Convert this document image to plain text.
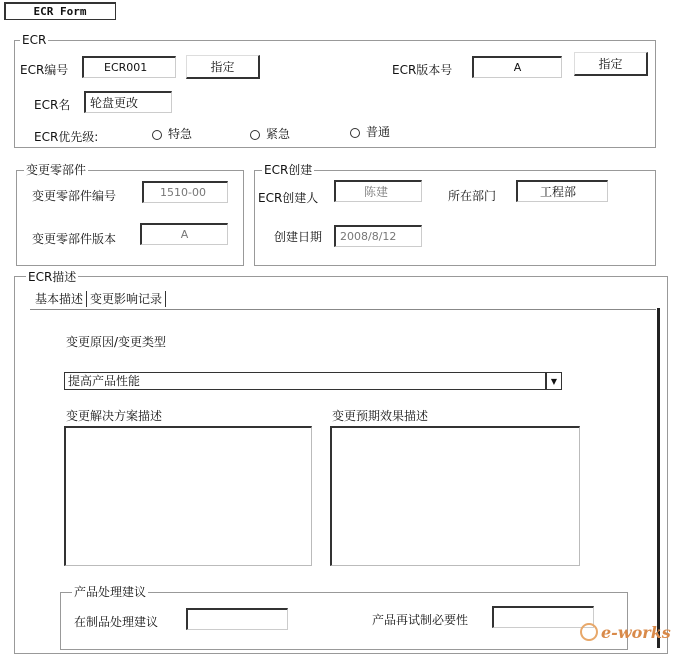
ECR Form
ECR
ECR编号	ECR001	指定	ECR版本号	A	指定
ECR名	轮盘更改
ECR优先级:	特急	紧急	普通
变更零部件
变更零部件编号	1510-00
变更零部件版本	A
ECR创建
ECR创建人	陈建	所在部门	工程部
创建日期	2008/8/12
ECR描述
基本描述 变更影响记录
变更原因/变更类型
提高产品性能	▼
变更解决方案描述	变更预期效果描述
产品处理建议
在制品处理建议	产品再试制必要性
e-works
